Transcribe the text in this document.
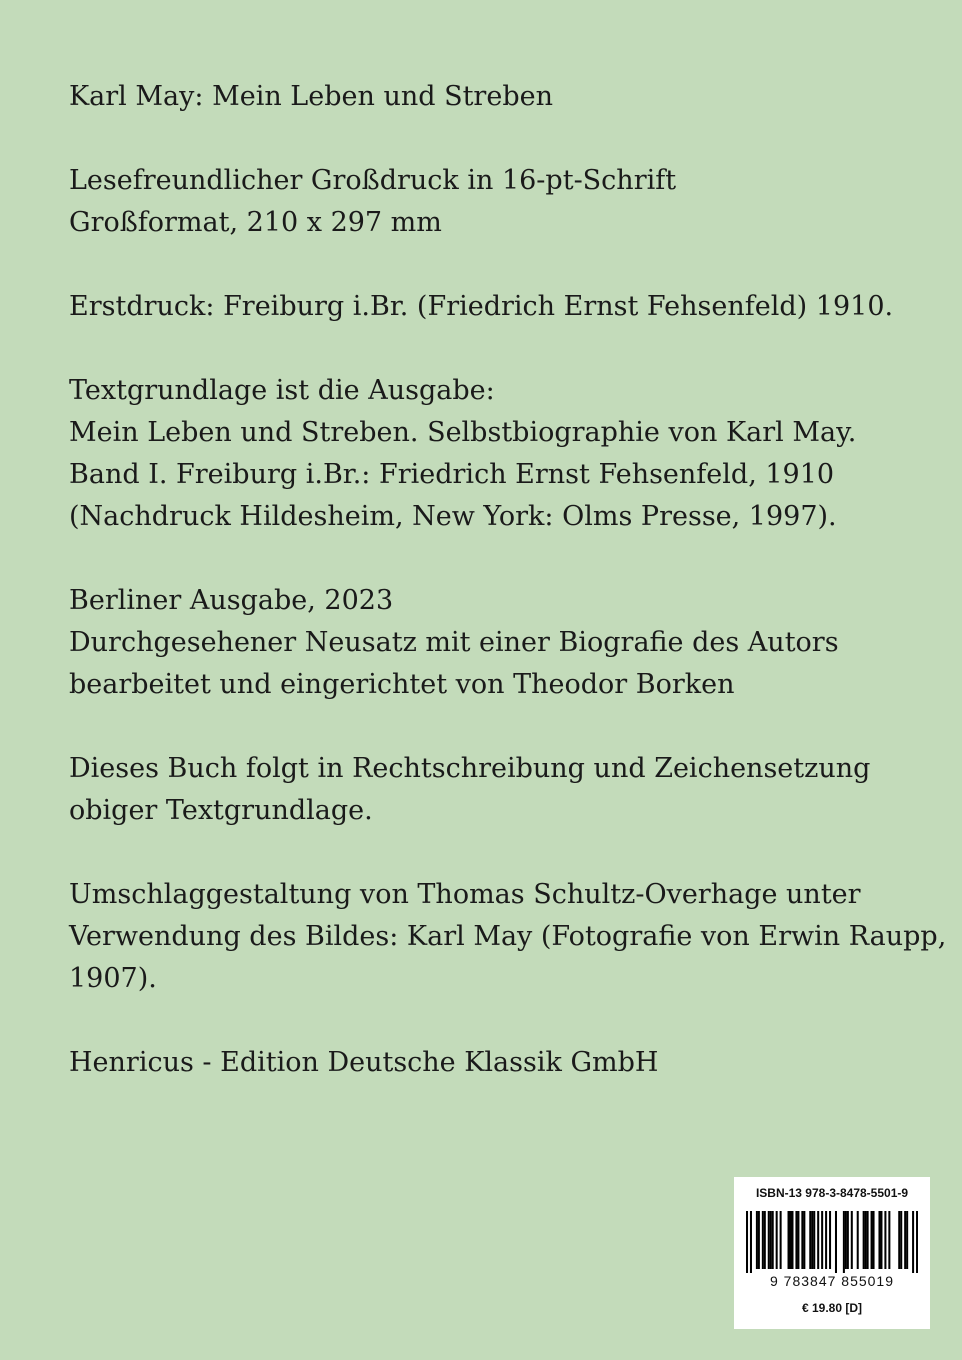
Karl May: Mein Leben und Streben
Lesefreundlicher Großdruck in 16-pt-Schrift
Großformat, 210 x 297 mm
Erstdruck: Freiburg i.Br. (Friedrich Ernst Fehsenfeld) 1910.
Textgrundlage ist die Ausgabe:
Mein Leben und Streben. Selbstbiographie von Karl May.
Band I. Freiburg i.Br.: Friedrich Ernst Fehsenfeld, 1910
(Nachdruck Hildesheim, New York: Olms Presse, 1997).
Berliner Ausgabe, 2023
Durchgesehener Neusatz mit einer Biografie des Autors
bearbeitet und eingerichtet von Theodor Borken
Dieses Buch folgt in Rechtschreibung und Zeichensetzung
obiger Textgrundlage.
Umschlaggestaltung von Thomas Schultz-Overhage unter
Verwendung des Bildes: Karl May (Fotografie von Erwin Raupp,
1907).
Henricus - Edition Deutsche Klassik GmbH
ISBN-13 978-3-8478-5501-9
9 783847 855019
€ 19.80 [D]
